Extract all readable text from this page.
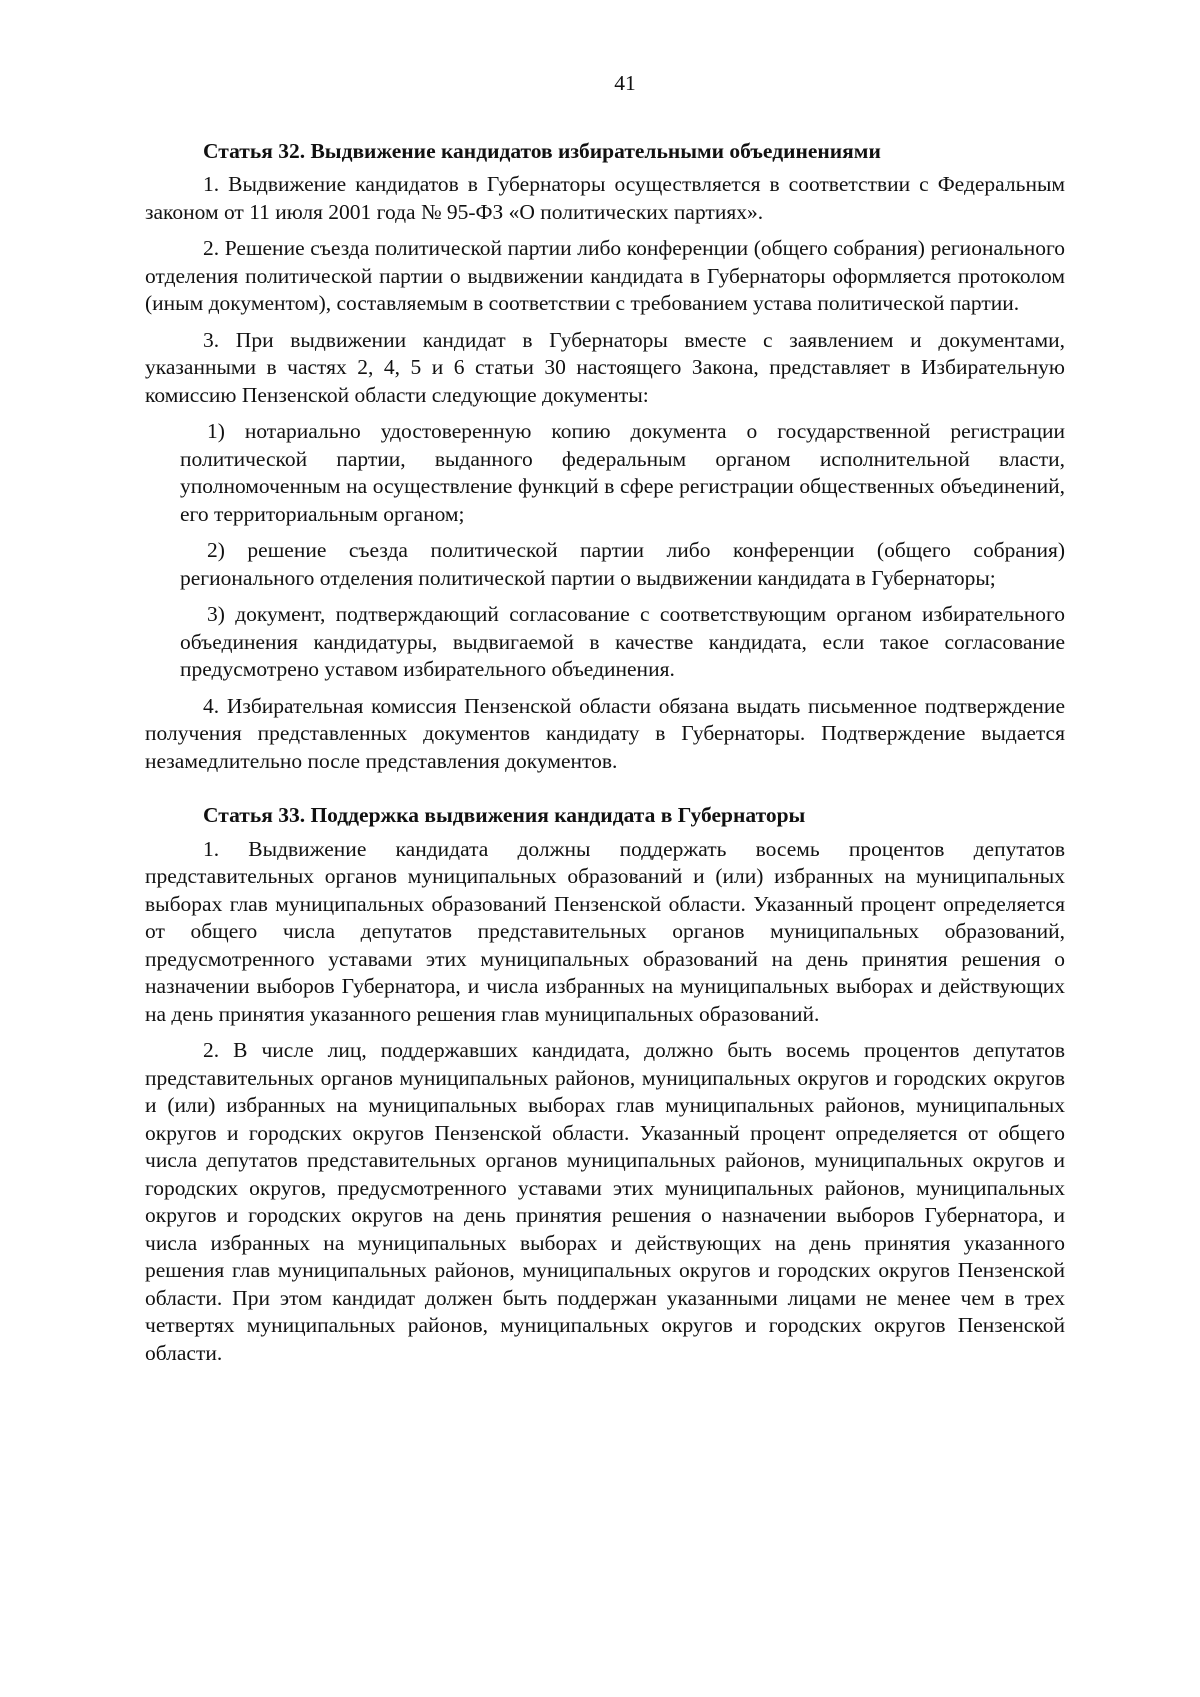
41
Статья 32. Выдвижение кандидатов избирательными объединениями

1. Выдвижение кандидатов в Губернаторы осуществляется в соответствии с Федеральным законом от 11 июля 2001 года № 95-ФЗ «О политических партиях».

2. Решение съезда политической партии либо конференции (общего собрания) регионального отделения политической партии о выдвижении кандидата в Губернаторы оформляется протоколом (иным документом), составляемым в соответствии с требованием устава политической партии.

3. При выдвижении кандидат в Губернаторы вместе с заявлением и документами, указанными в частях 2, 4, 5 и 6 статьи 30 настоящего Закона, представляет в Избирательную комиссию Пензенской области следующие документы:

1) нотариально удостоверенную копию документа о государственной регистрации политической партии, выданного федеральным органом исполнительной власти, уполномоченным на осуществление функций в сфере регистрации общественных объединений, его территориальным органом;

2) решение съезда политической партии либо конференции (общего собрания) регионального отделения политической партии о выдвижении кандидата в Губернаторы;

3) документ, подтверждающий согласование с соответствующим органом избирательного объединения кандидатуры, выдвигаемой в качестве кандидата, если такое согласование предусмотрено уставом избирательного объединения.

4. Избирательная комиссия Пензенской области обязана выдать письменное подтверждение получения представленных документов кандидату в Губернаторы. Подтверждение выдается незамедлительно после представления документов.

Статья 33. Поддержка выдвижения кандидата в Губернаторы

1. Выдвижение кандидата должны поддержать восемь процентов депутатов представительных органов муниципальных образований и (или) избранных на муниципальных выборах глав муниципальных образований Пензенской области. Указанный процент определяется от общего числа депутатов представительных органов муниципальных образований, предусмотренного уставами этих муниципальных образований на день принятия решения о назначении выборов Губернатора, и числа избранных на муниципальных выборах и действующих на день принятия указанного решения глав муниципальных образований.

2. В числе лиц, поддержавших кандидата, должно быть восемь процентов депутатов представительных органов муниципальных районов, муниципальных округов и городских округов и (или) избранных на муниципальных выборах глав муниципальных районов, муниципальных округов и городских округов Пензенской области. Указанный процент определяется от общего числа депутатов представительных органов муниципальных районов, муниципальных округов и городских округов, предусмотренного уставами этих муниципальных районов, муниципальных округов и городских округов на день принятия решения о назначении выборов Губернатора, и числа избранных на муниципальных выборах и действующих на день принятия указанного решения глав муниципальных районов, муниципальных округов и городских округов Пензенской области. При этом кандидат должен быть поддержан указанными лицами не менее чем в трех четвертях муниципальных районов, муниципальных округов и городских округов Пензенской области.
